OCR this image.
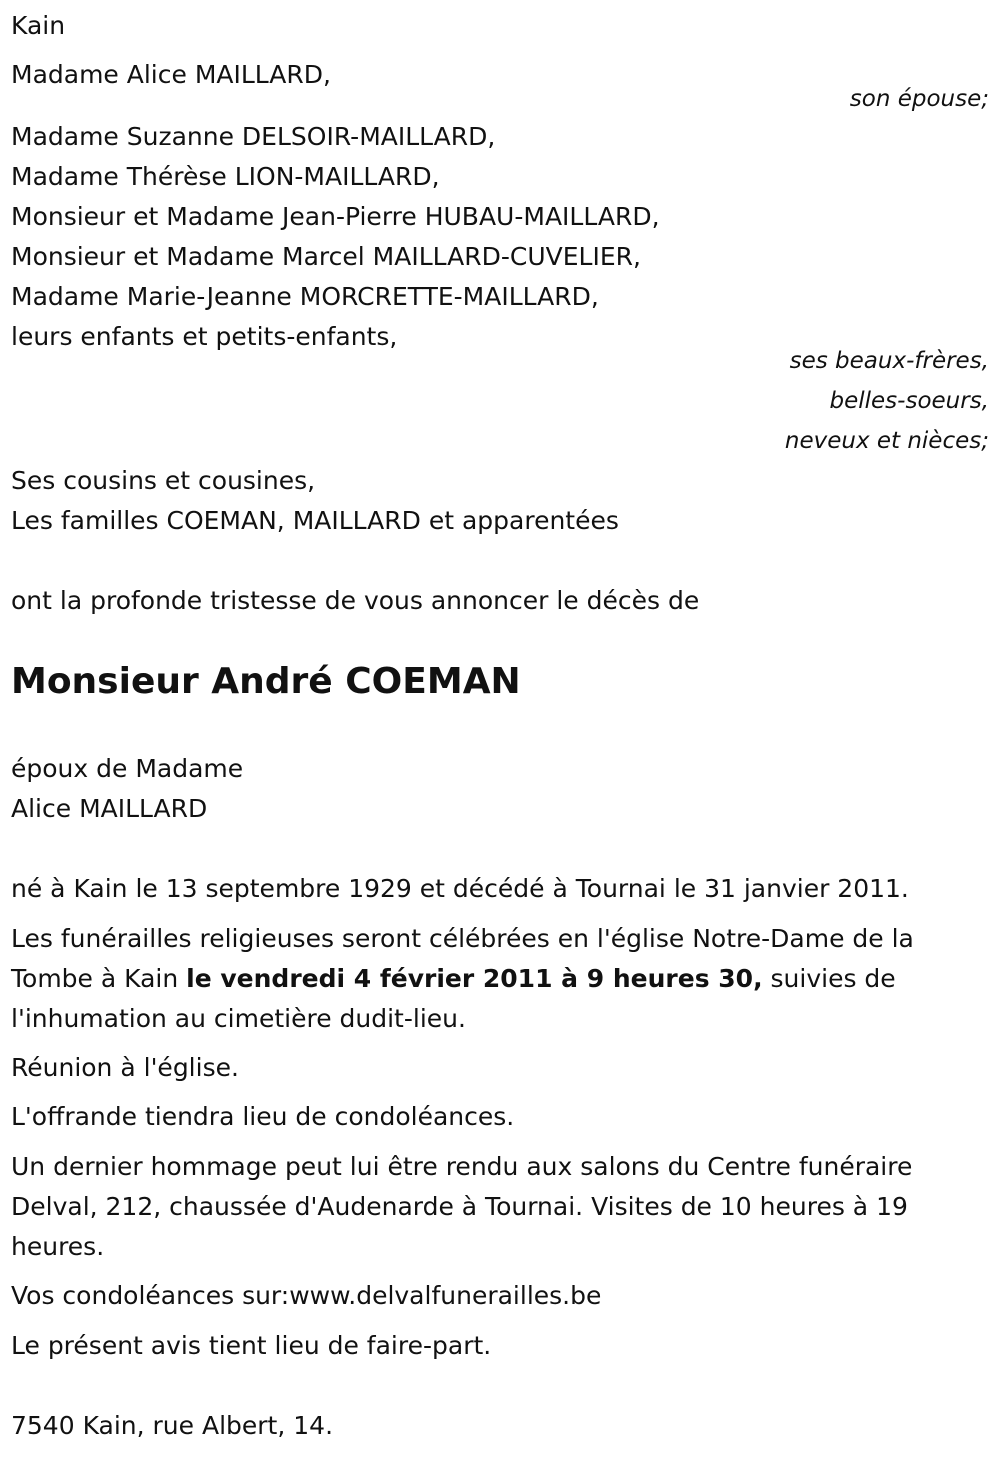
Kain
Madame Alice MAILLARD,
son épouse;
Madame Suzanne DELSOIR-MAILLARD,
Madame Thérèse LION-MAILLARD,
Monsieur et Madame Jean-Pierre HUBAU-MAILLARD,
Monsieur et Madame Marcel MAILLARD-CUVELIER,
Madame Marie-Jeanne MORCRETTE-MAILLARD,
leurs enfants et petits-enfants,
ses beaux-frères,
belles-soeurs,
neveux et nièces;
Ses cousins et cousines,
Les familles COEMAN, MAILLARD et apparentées
ont la profonde tristesse de vous annoncer le décès de
Monsieur André COEMAN
époux de Madame
Alice MAILLARD
né à Kain le 13 septembre 1929 et décédé à Tournai le 31 janvier 2011.

Les funérailles religieuses seront célébrées en l'église Notre-Dame de la Tombe à Kain le vendredi 4 février 2011 à 9 heures 30, suivies de l'inhumation au cimetière dudit-lieu.

Réunion à l'église.
L'offrande tiendra lieu de condoléances.

Un dernier hommage peut lui être rendu aux salons du Centre funéraire Delval, 212, chaussée d'Audenarde à Tournai. Visites de 10 heures à 19 heures.

Vos condoléances sur:www.delvalfunerailles.be
Le présent avis tient lieu de faire-part.
7540 Kain, rue Albert, 14.
